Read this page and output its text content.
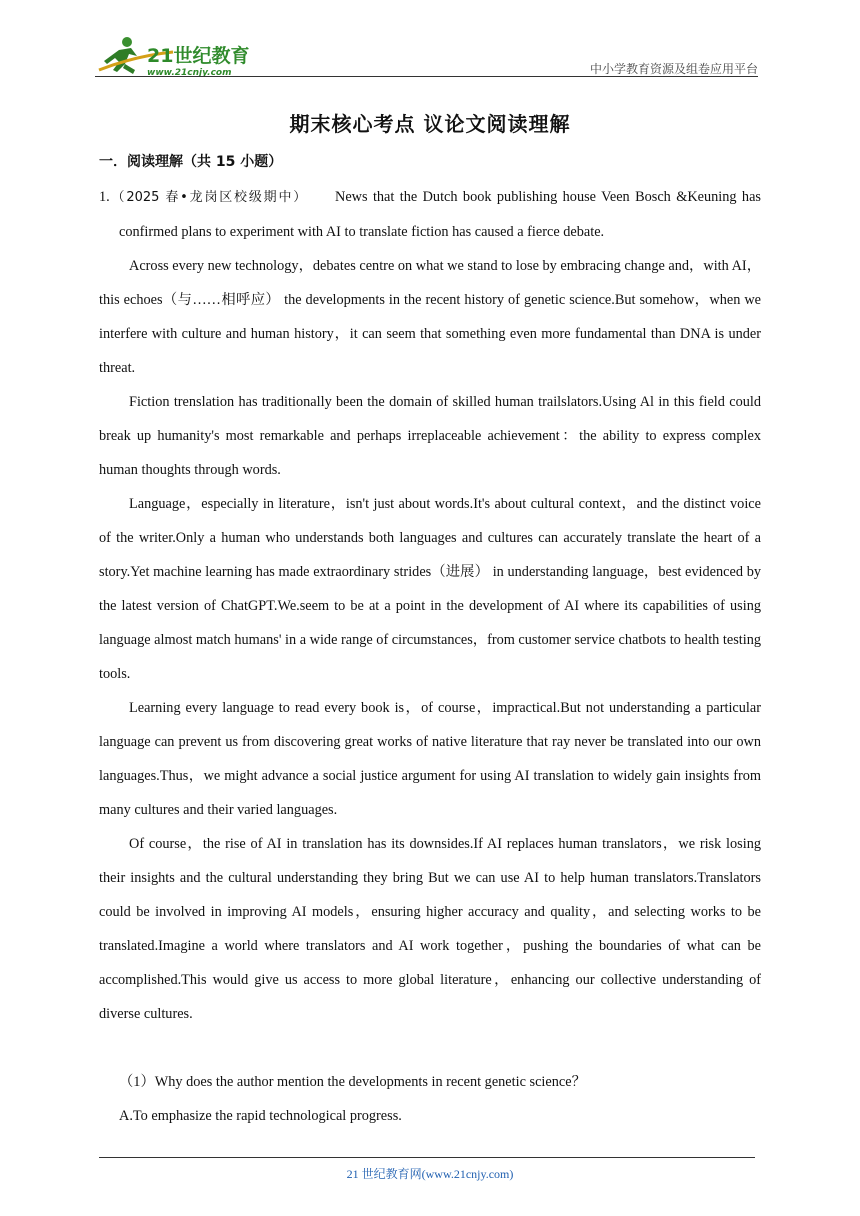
21世纪教育
www.21cnjy.com	中小学教育资源及组卷应用平台
期末核心考点 议论文阅读理解
一．阅读理解（共 15 小题）

1.（2025 春•龙岗区校级期中） News that the Dutch book publishing house Veen Bosch &Keuning has confirmed plans to experiment with AI to translate fiction has caused a fierce debate.

Across every new technology，debates centre on what we stand to lose by embracing change and，with AI，this echoes（与……相呼应） the developments in the recent history of genetic science.But somehow，when we interfere with culture and human history，it can seem that something even more fundamental than DNA is under threat.

Fiction trenslation has traditionally been the domain of skilled human trailslators.Using Al in this field could break up humanity's most remarkable and perhaps irreplaceable achievement：the ability to express complex human thoughts through words.

Language，especially in literature，isn't just about words.It's about cultural context，and the distinct voice of the writer.Only a human who understands both languages and cultures can accurately translate the heart of a story.Yet machine learning has made extraordinary strides（进展） in understanding language，best evidenced by the latest version of ChatGPT.We.seem to be at a point in the development of AI where its capabilities of using language almost match humans' in a wide range of circumstances，from customer service chatbots to health testing tools.

Learning every language to read every book is，of course，impractical.But not understanding a particular language can prevent us from discovering great works of native literature that ray never be translated into our own languages.Thus，we might advance a social justice argument for using AI translation to widely gain insights from many cultures and their varied languages.

Of course，the rise of AI in translation has its downsides.If AI replaces human translators，we risk losing their insights and the cultural understanding they bring But we can use AI to help human translators.Translators could be involved in improving AI models，ensuring higher accuracy and quality，and selecting works to be translated.Imagine a world where translators and AI work together，pushing the boundaries of what can be accomplished.This would give us access to more global literature，enhancing our collective understanding of diverse cultures.

（1）Why does the author mention the developments in recent genetic science？

A.To emphasize the rapid technological progress.

21 世纪教育网(www.21cnjy.com)
